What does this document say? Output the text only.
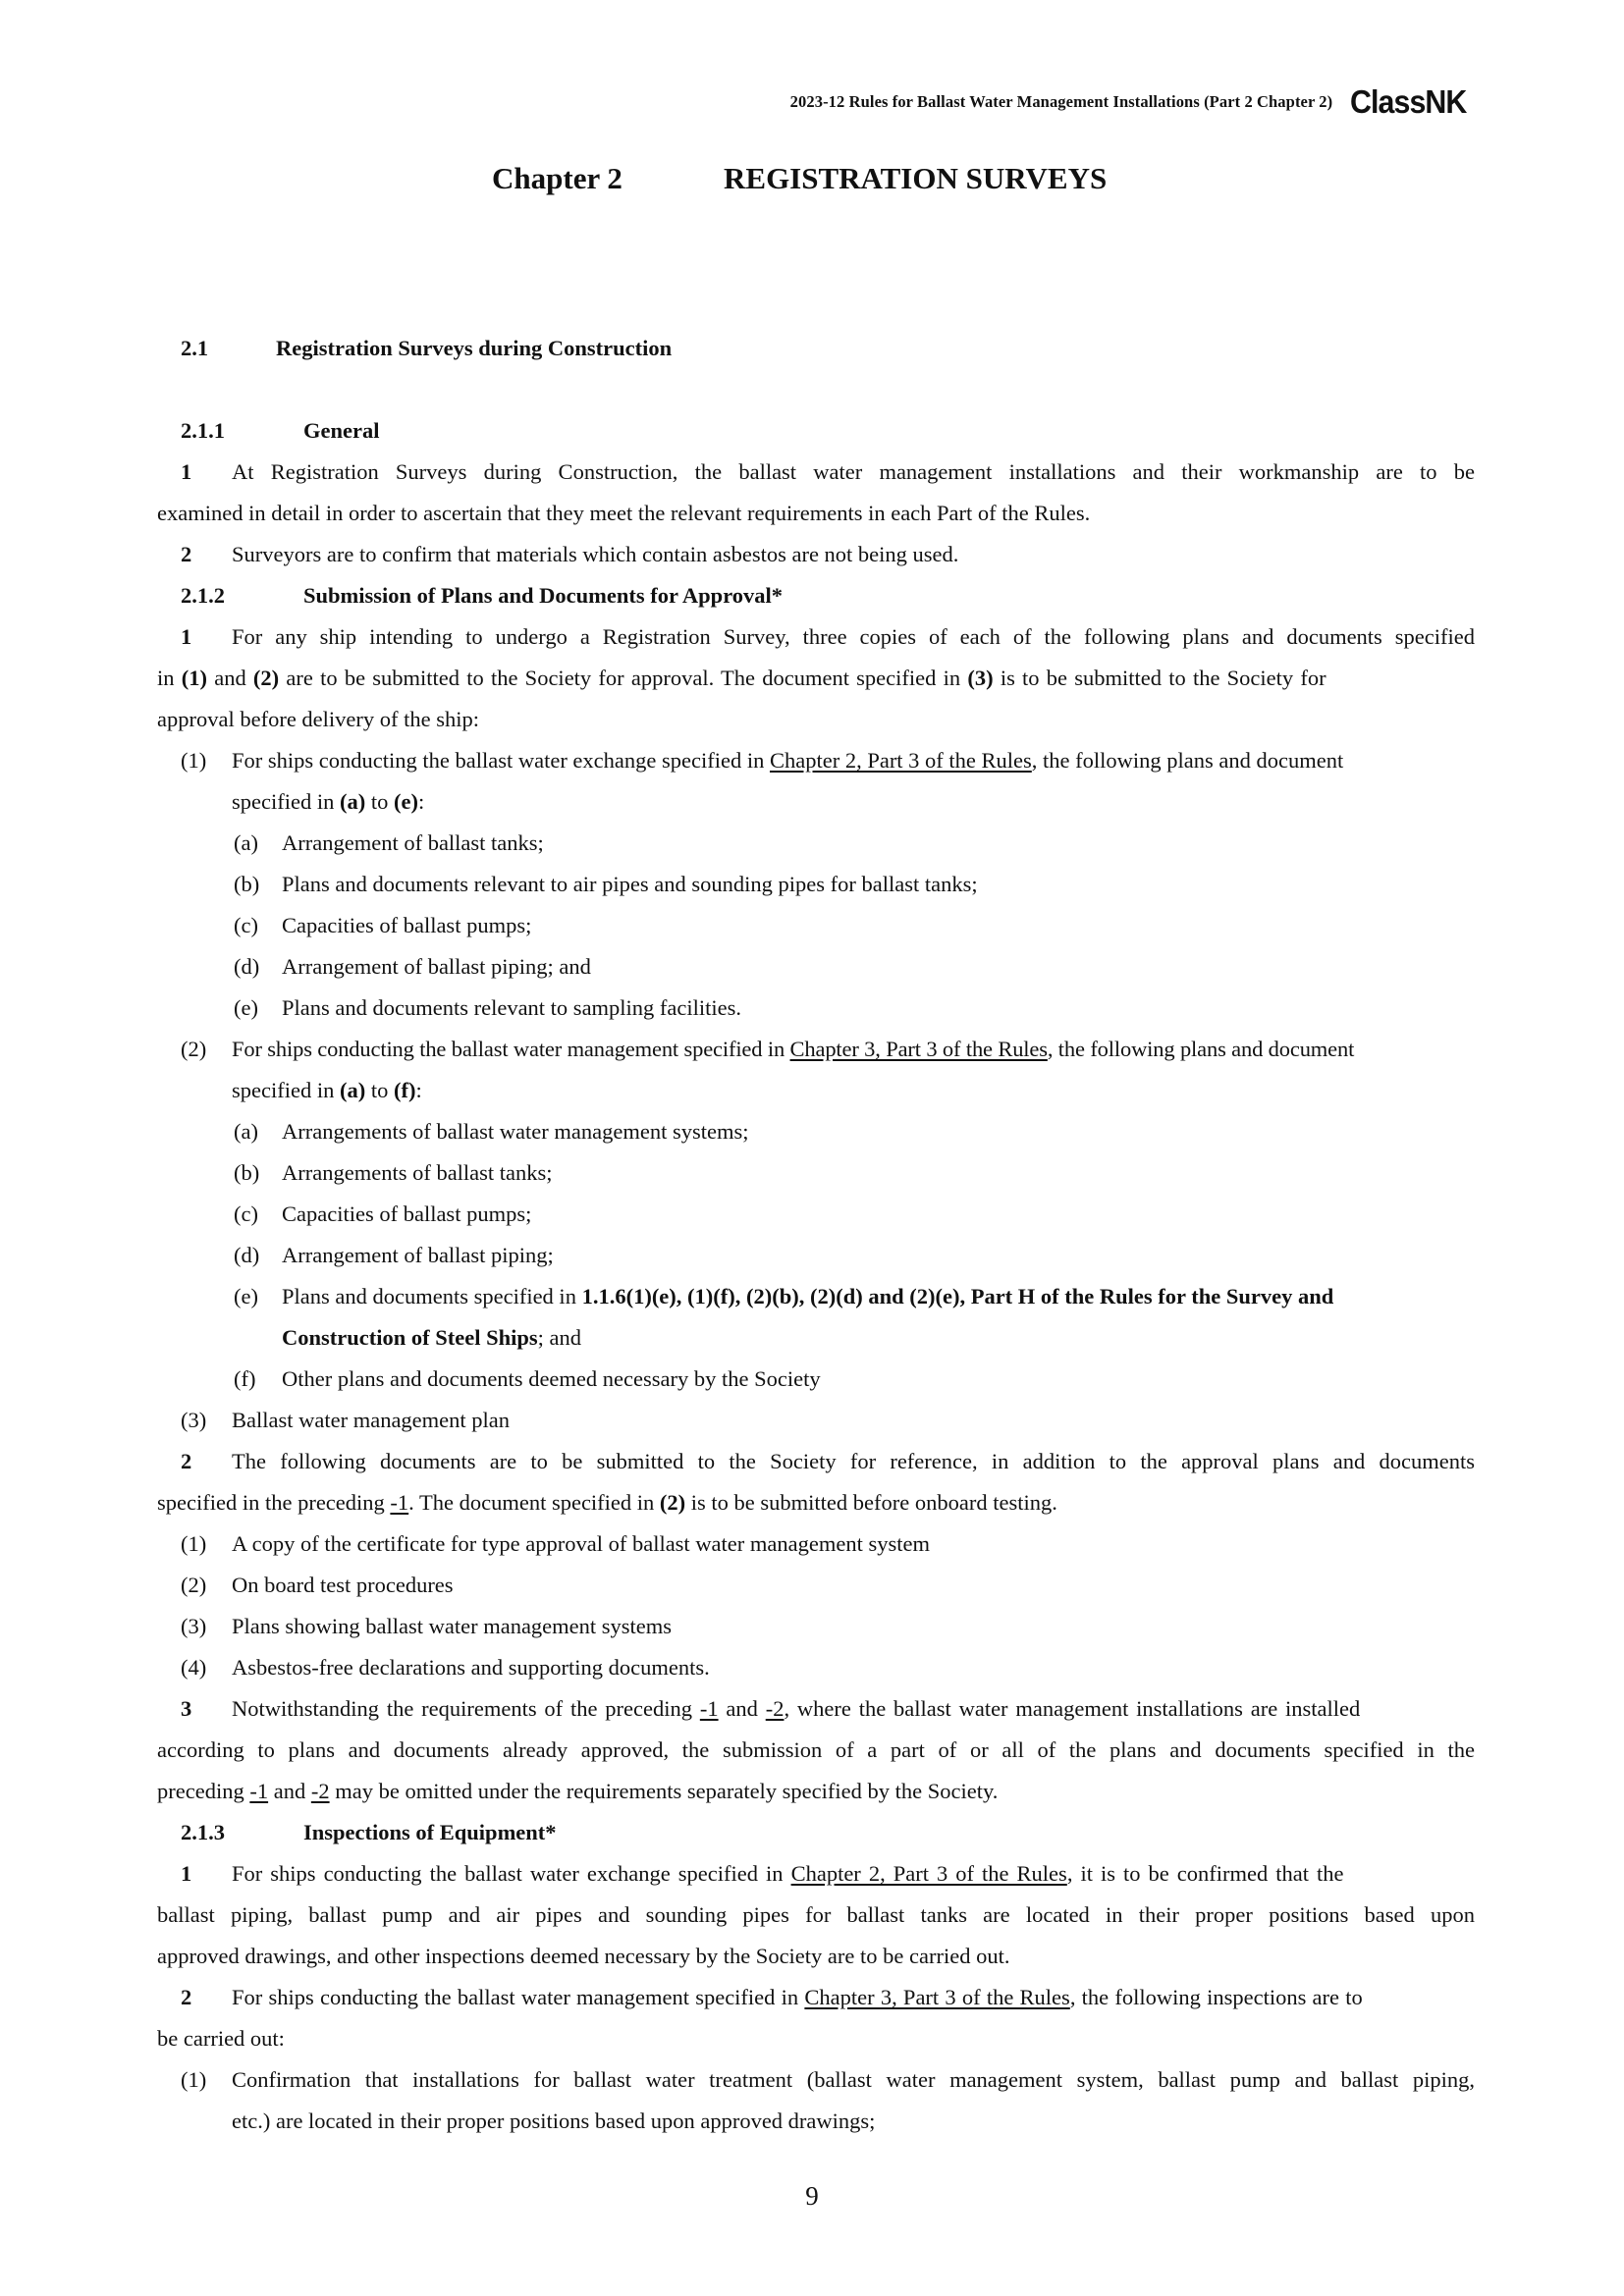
2023-12 Rules for Ballast Water Management Installations (Part 2 Chapter 2) ClassNK
Chapter 2	REGISTRATION SURVEYS
2.1	Registration Surveys during Construction
2.1.1	General
1 At Registration Surveys during Construction, the ballast water management installations and their workmanship are to be
examined in detail in order to ascertain that they meet the relevant requirements in each Part of the Rules.
2 Surveyors are to confirm that materials which contain asbestos are not being used.
2.1.2	Submission of Plans and Documents for Approval*
1 For any ship intending to undergo a Registration Survey, three copies of each of the following plans and documents specified
in (1) and (2) are to be submitted to the Society for approval. The document specified in (3) is to be submitted to the Society for
approval before delivery of the ship:
(1) For ships conducting the ballast water exchange specified in Chapter 2, Part 3 of the Rules, the following plans and document
specified in (a) to (e):
(a) Arrangement of ballast tanks;
(b) Plans and documents relevant to air pipes and sounding pipes for ballast tanks;
(c) Capacities of ballast pumps;
(d) Arrangement of ballast piping; and
(e) Plans and documents relevant to sampling facilities.
(2) For ships conducting the ballast water management specified in Chapter 3, Part 3 of the Rules, the following plans and document
specified in (a) to (f):
(a) Arrangements of ballast water management systems;
(b) Arrangements of ballast tanks;
(c) Capacities of ballast pumps;
(d) Arrangement of ballast piping;
(e) Plans and documents specified in 1.1.6(1)(e), (1)(f), (2)(b), (2)(d) and (2)(e), Part H of the Rules for the Survey and
Construction of Steel Ships; and
(f) Other plans and documents deemed necessary by the Society
(3) Ballast water management plan
2 The following documents are to be submitted to the Society for reference, in addition to the approval plans and documents
specified in the preceding -1. The document specified in (2) is to be submitted before onboard testing.
(1) A copy of the certificate for type approval of ballast water management system
(2) On board test procedures
(3) Plans showing ballast water management systems
(4) Asbestos-free declarations and supporting documents.
3 Notwithstanding the requirements of the preceding -1 and -2, where the ballast water management installations are installed
according to plans and documents already approved, the submission of a part of or all of the plans and documents specified in the
preceding -1 and -2 may be omitted under the requirements separately specified by the Society.
2.1.3	Inspections of Equipment*
1 For ships conducting the ballast water exchange specified in Chapter 2, Part 3 of the Rules, it is to be confirmed that the
ballast piping, ballast pump and air pipes and sounding pipes for ballast tanks are located in their proper positions based upon
approved drawings, and other inspections deemed necessary by the Society are to be carried out.
2 For ships conducting the ballast water management specified in Chapter 3, Part 3 of the Rules, the following inspections are to
be carried out:
(1) Confirmation that installations for ballast water treatment (ballast water management system, ballast pump and ballast piping,
etc.) are located in their proper positions based upon approved drawings;
9
